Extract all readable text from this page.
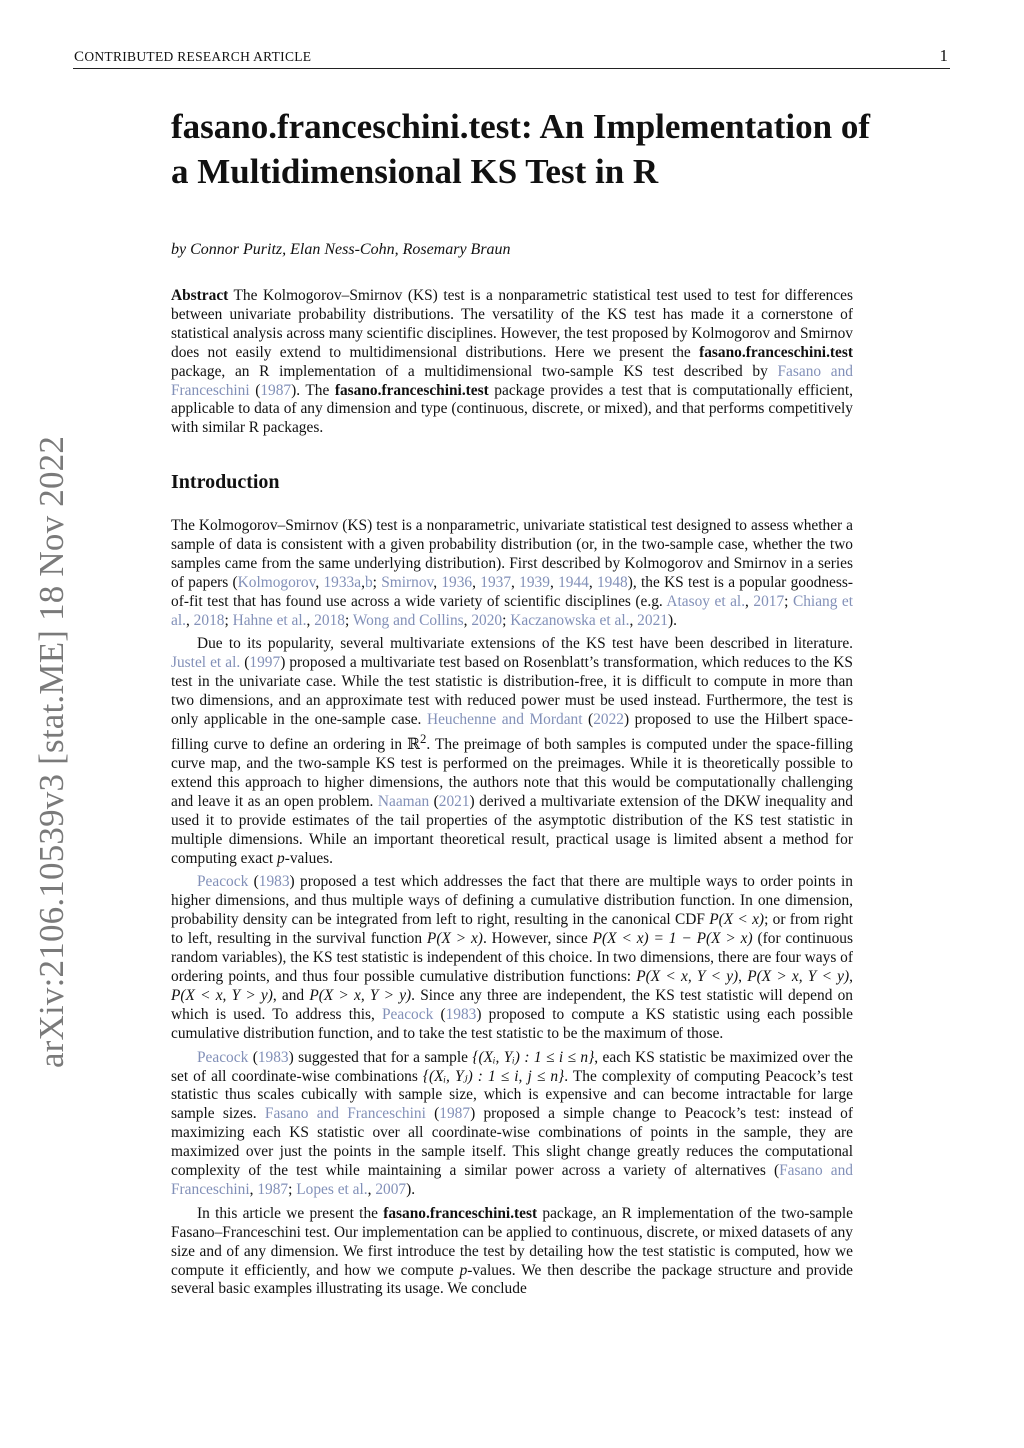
CONTRIBUTED RESEARCH ARTICLE	1
arXiv:2106.10539v3 [stat.ME] 18 Nov 2022
fasano.franceschini.test: An Implementation of a Multidimensional KS Test in R
by Connor Puritz, Elan Ness-Cohn, Rosemary Braun
Abstract The Kolmogorov–Smirnov (KS) test is a nonparametric statistical test used to test for differences between univariate probability distributions. The versatility of the KS test has made it a cornerstone of statistical analysis across many scientific disciplines. However, the test proposed by Kolmogorov and Smirnov does not easily extend to multidimensional distributions. Here we present the fasano.franceschini.test package, an R implementation of a multidimensional two-sample KS test described by Fasano and Franceschini (1987). The fasano.franceschini.test package provides a test that is computationally efficient, applicable to data of any dimension and type (continuous, discrete, or mixed), and that performs competitively with similar R packages.
Introduction

The Kolmogorov–Smirnov (KS) test is a nonparametric, univariate statistical test designed to assess whether a sample of data is consistent with a given probability distribution (or, in the two-sample case, whether the two samples came from the same underlying distribution). First described by Kolmogorov and Smirnov in a series of papers (Kolmogorov, 1933a,b; Smirnov, 1936, 1937, 1939, 1944, 1948), the KS test is a popular goodness-of-fit test that has found use across a wide variety of scientific disciplines (e.g. Atasoy et al., 2017; Chiang et al., 2018; Hahne et al., 2018; Wong and Collins, 2020; Kaczanowska et al., 2021).

Due to its popularity, several multivariate extensions of the KS test have been described in literature. Justel et al. (1997) proposed a multivariate test based on Rosenblatt’s transformation, which reduces to the KS test in the univariate case. While the test statistic is distribution-free, it is difficult to compute in more than two dimensions, and an approximate test with reduced power must be used instead. Furthermore, the test is only applicable in the one-sample case. Heuchenne and Mordant (2022) proposed to use the Hilbert space-filling curve to define an ordering in ℝ$^2$. The preimage of both samples is computed under the space-filling curve map, and the two-sample KS test is performed on the preimages. While it is theoretically possible to extend this approach to higher dimensions, the authors note that this would be computationally challenging and leave it as an open problem. Naaman (2021) derived a multivariate extension of the DKW inequality and used it to provide estimates of the tail properties of the asymptotic distribution of the KS test statistic in multiple dimensions. While an important theoretical result, practical usage is limited absent a method for computing exact p-values.

Peacock (1983) proposed a test which addresses the fact that there are multiple ways to order points in higher dimensions, and thus multiple ways of defining a cumulative distribution function. In one dimension, probability density can be integrated from left to right, resulting in the canonical CDF P(X < x); or from right to left, resulting in the survival function P(X > x). However, since P(X < x) = 1 − P(X > x) (for continuous random variables), the KS test statistic is independent of this choice. In two dimensions, there are four ways of ordering points, and thus four possible cumulative distribution functions: P(X < x, Y < y), P(X > x, Y < y), P(X < x, Y > y), and P(X > x, Y > y). Since any three are independent, the KS test statistic will depend on which is used. To address this, Peacock (1983) proposed to compute a KS statistic using each possible cumulative distribution function, and to take the test statistic to be the maximum of those.

Peacock (1983) suggested that for a sample {(Xᵢ, Yᵢ) : 1 ≤ i ≤ n}, each KS statistic be maximized over the set of all coordinate-wise combinations {(Xᵢ, Yⱼ) : 1 ≤ i, j ≤ n}. The complexity of computing Peacock’s test statistic thus scales cubically with sample size, which is expensive and can become intractable for large sample sizes. Fasano and Franceschini (1987) proposed a simple change to Peacock’s test: instead of maximizing each KS statistic over all coordinate-wise combinations of points in the sample, they are maximized over just the points in the sample itself. This slight change greatly reduces the computational complexity of the test while maintaining a similar power across a variety of alternatives (Fasano and Franceschini, 1987; Lopes et al., 2007).

In this article we present the fasano.franceschini.test package, an R implementation of the two-sample Fasano–Franceschini test. Our implementation can be applied to continuous, discrete, or mixed datasets of any size and of any dimension. We first introduce the test by detailing how the test statistic is computed, how we compute it efficiently, and how we compute p-values. We then describe the package structure and provide several basic examples illustrating its usage. We conclude
